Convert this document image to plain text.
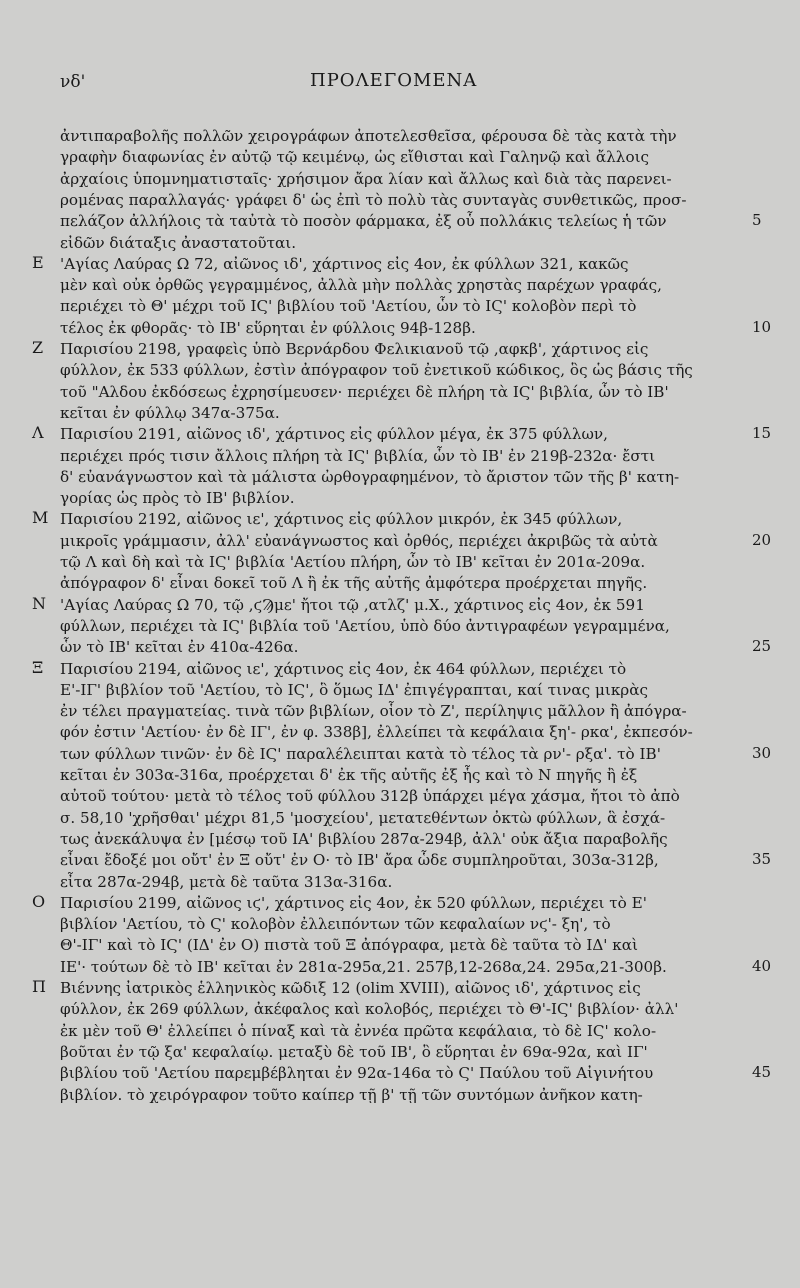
νδ'	ΠΡΟΛΕΓΟΜΕΝΑ
ἀντιπαραβολῆς πολλῶν χειρογράφων ἀποτελεσθεῖσα, φέρουσα δὲ τὰς κατὰ τὴν
γραφὴν διαφωνίας ἐν αὐτῷ τῷ κειμένῳ, ὡς εἴθισται καὶ Γαληνῷ καὶ ἄλλοις
ἀρχαίοις ὑπομνηματισταῖς· χρήσιμον ἄρα λίαν καὶ ἄλλως καὶ διὰ τὰς παρενει-
ρομένας παραλλαγάς· γράφει δ' ὡς ἐπὶ τὸ πολὺ τὰς συνταγὰς συνθετικῶς, προσ-
πελάζον ἀλλήλοις τὰ ταὐτὰ τὸ ποσὸν φάρμακα, ἐξ οὗ πολλάκις τελείως ἡ τῶν	5
εἰδῶν διάταξις ἀναστατοῦται.
'Αγίας Λαύρας Ω 72, αἰῶνος ιδ', χάρτινος εἰς 4ον, ἐκ φύλλων 321, κακῶς
Ε
μὲν καὶ οὐκ ὀρθῶς γεγραμμένος, ἀλλὰ μὴν πολλὰς χρηστὰς παρέχων γραφάς,
περιέχει τὸ Θ' μέχρι τοῦ ΙϚ' βιβλίου τοῦ 'Αετίου, ὧν τὸ ΙϚ' κολοβὸν περὶ τὸ
τέλος ἐκ φθορᾶς· τὸ ΙΒ' εὕρηται ἐν φύλλοις 94β-128β.	10
Παρισίου 2198, γραφεὶς ὑπὸ Βερνάρδου Φελικιανοῦ τῷ ,αφκβ', χάρτινος εἰς
Ζ
φύλλον, ἐκ 533 φύλλων, ἐστὶν ἀπόγραφον τοῦ ἐνετικοῦ κώδικος, ὃς ὡς βάσις τῆς
τοῦ "Αλδου ἐκδόσεως ἐχρησίμευσεν· περιέχει δὲ πλήρη τὰ ΙϚ' βιβλία, ὧν τὸ ΙΒ'
κεῖται ἐν φύλλῳ 347α-375α.
Παρισίου 2191, αἰῶνος ιδ', χάρτινος εἰς φύλλον μέγα, ἐκ 375 φύλλων,
Λ	15
περιέχει πρός τισιν ἄλλοις πλήρη τὰ ΙϚ' βιβλία, ὧν τὸ ΙΒ' ἐν 219β-232α· ἔστι
δ' εὐανάγνωστον καὶ τὰ μάλιστα ὠρθογραφημένον, τὸ ἄριστον τῶν τῆς β' κατη-
γορίας ὡς πρὸς τὸ ΙΒ' βιβλίον.
Παρισίου 2192, αἰῶνος ιε', χάρτινος εἰς φύλλον μικρόν, ἐκ 345 φύλλων,
Μ
μικροῖς γράμμασιν, ἀλλ' εὐανάγνωστος καὶ ὀρθός, περιέχει ἀκριβῶς τὰ αὐτὰ	20
τῷ Λ καὶ δὴ καὶ τὰ ΙϚ' βιβλία 'Αετίου πλήρη, ὧν τὸ ΙΒ' κεῖται ἐν 201α-209α.
ἀπόγραφον δ' εἶναι δοκεῖ τοῦ Λ ἢ ἐκ τῆς αὐτῆς ἀμφότερα προέρχεται πηγῆς.
'Αγίας Λαύρας Ω 70, τῷ ,ϛϠμε' ἤτοι τῷ ,ατλζ' μ.Χ., χάρτινος εἰς 4ον, ἐκ 591
Ν
φύλλων, περιέχει τὰ ΙϚ' βιβλία τοῦ 'Αετίου, ὑπὸ δύο ἀντιγραφέων γεγραμμένα,
ὧν τὸ ΙΒ' κεῖται ἐν 410α-426α.	25
Παρισίου 2194, αἰῶνος ιε', χάρτινος εἰς 4ον, ἐκ 464 φύλλων, περιέχει τὸ
Ξ
Ε'-ΙΓ' βιβλίον τοῦ 'Αετίου, τὸ ΙϚ', ὃ ὅμως ΙΔ' ἐπιγέγραπται, καί τινας μικρὰς
ἐν τέλει πραγματείας. τινὰ τῶν βιβλίων, οἷον τὸ Ζ', περίληψις μᾶλλον ἢ ἀπόγρα-
φόν ἐστιν 'Αετίου· ἐν δὲ ΙΓ', ἐν φ. 338β], ἐλλείπει τὰ κεφάλαια ξη'- ρκα', ἐκπεσόν-
των φύλλων τινῶν· ἐν δὲ ΙϚ' παραλέλειπται κατὰ τὸ τέλος τὰ ρν'- ρξα'. τὸ ΙΒ'	30
κεῖται ἐν 303α-316α, προέρχεται δ' ἐκ τῆς αὐτῆς ἐξ ἧς καὶ τὸ Ν πηγῆς ἢ ἐξ
αὐτοῦ τούτου· μετὰ τὸ τέλος τοῦ φύλλου 312β ὑπάρχει μέγα χάσμα, ἤτοι τὸ ἀπὸ
σ. 58,10 'χρῆσθαι' μέχρι 81,5 'μοσχείου', μετατεθέντων ὀκτὼ φύλλων, ἃ ἐσχά-
τως ἀνεκάλυψα ἐν [μέσῳ τοῦ ΙΑ' βιβλίου 287α-294β, ἀλλ' οὐκ ἄξια παραβολῆς
εἶναι ἔδοξέ μοι οὔτ' ἐν Ξ οὔτ' ἐν Ο· τὸ ΙΒ' ἄρα ὧδε συμπληροῦται, 303α-312β,	35
εἶτα 287α-294β, μετὰ δὲ ταῦτα 313α-316α.
Παρισίου 2199, αἰῶνος ιϛ', χάρτινος εἰς 4ον, ἐκ 520 φύλλων, περιέχει τὸ Ε'
Ο
βιβλίον 'Αετίου, τὸ Ϛ' κολοβὸν ἐλλειπόντων τῶν κεφαλαίων νϛ'- ξη', τὸ
Θ'-ΙΓ' καὶ τὸ ΙϚ' (ΙΔ' ἐν Ο) πιστὰ τοῦ Ξ ἀπόγραφα, μετὰ δὲ ταῦτα τὸ ΙΔ' καὶ
ΙΕ'· τούτων δὲ τὸ ΙΒ' κεῖται ἐν 281α-295α,21. 257β,12-268α,24. 295α,21-300β.	40
Βιέννης ἰατρικὸς ἑλληνικὸς κῶδιξ 12 (olim XVIII), αἰῶνος ιδ', χάρτινος εἰς
Π
φύλλον, ἐκ 269 φύλλων, ἀκέφαλος καὶ κολοβός, περιέχει τὸ Θ'-ΙϚ' βιβλίον· ἀλλ'
ἐκ μὲν τοῦ Θ' ἐλλείπει ὁ πίναξ καὶ τὰ ἐννέα πρῶτα κεφάλαια, τὸ δὲ ΙϚ' κολο-
βοῦται ἐν τῷ ξα' κεφαλαίῳ. μεταξὺ δὲ τοῦ ΙΒ', ὃ εὕρηται ἐν 69α-92α, καὶ ΙΓ'
βιβλίου τοῦ 'Αετίου παρεμβέβληται ἐν 92α-146α τὸ Ϛ' Παύλου τοῦ Αἰγινήτου	45
βιβλίον. τὸ χειρόγραφον τοῦτο καίπερ τῇ β' τῇ τῶν συντόμων ἀνῆκον κατη-
